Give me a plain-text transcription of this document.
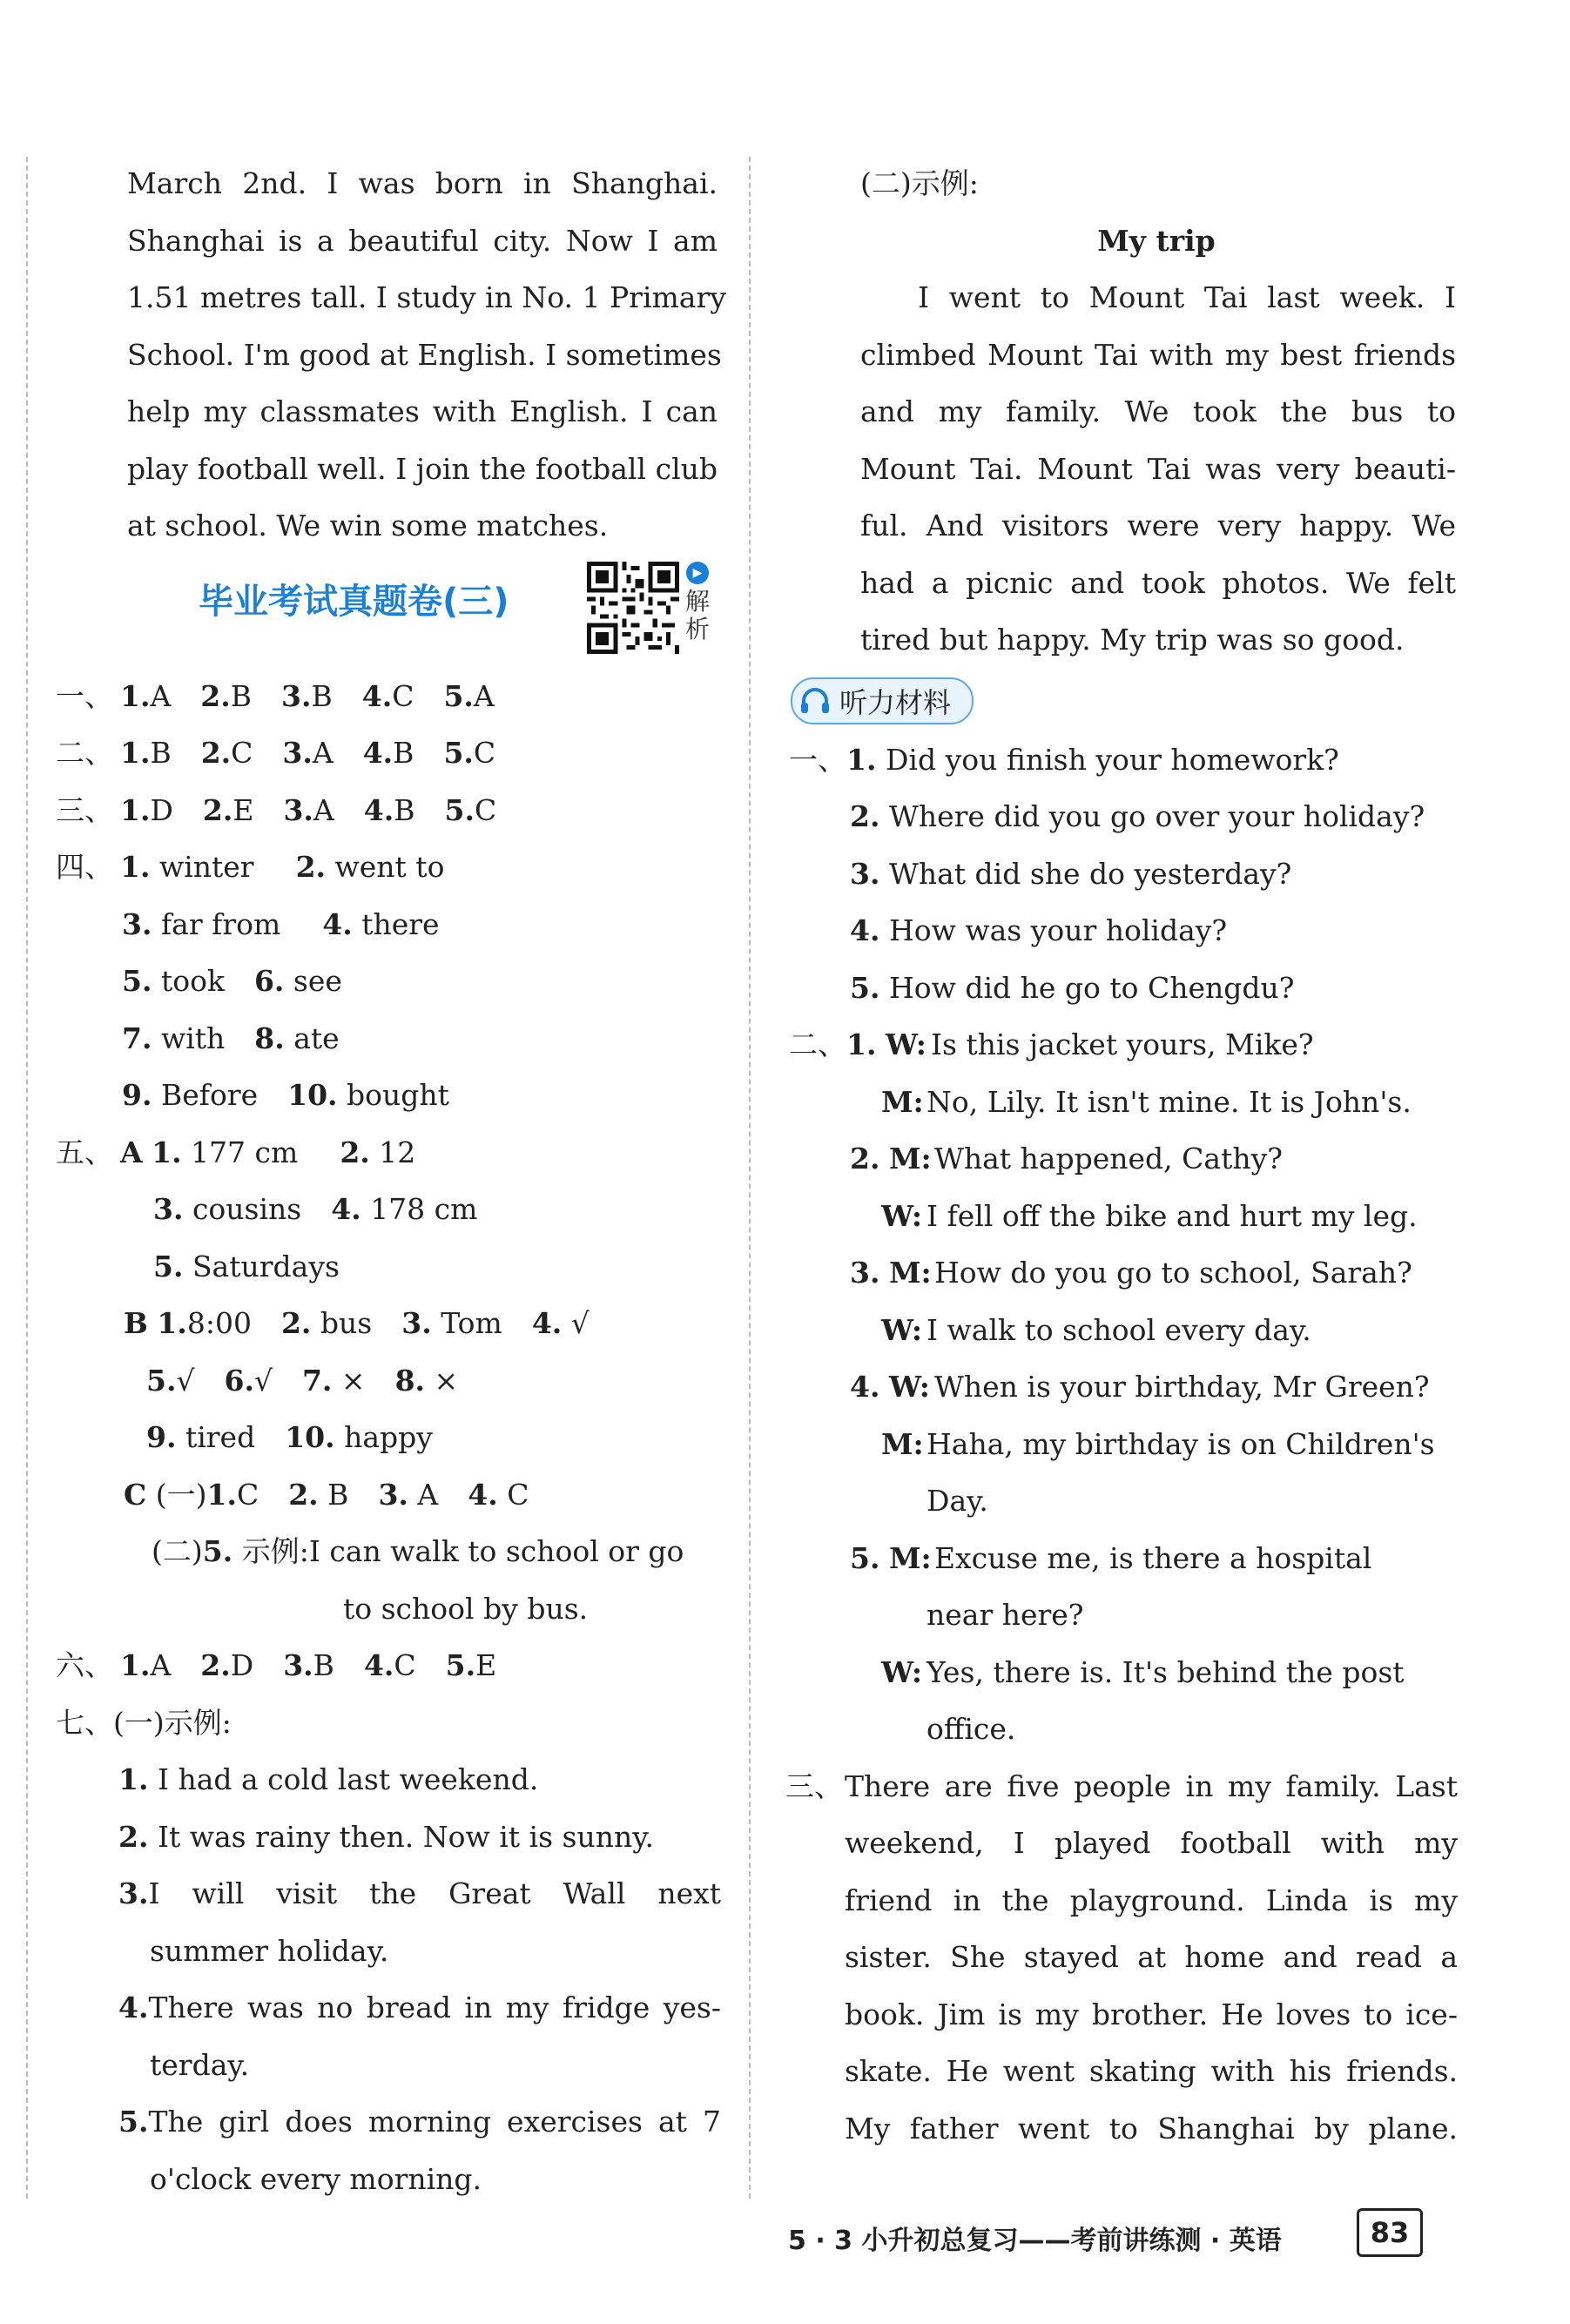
March 2nd. I was born in Shanghai.
Shanghai is a beautiful city. Now I am
1.51 metres tall. I study in No. 1 Primary
School. I'm good at English. I sometimes
help my classmates with English. I can
play football well. I join the football club
at school. We win some matches.
毕业考试真题卷(三)
▶
解析
一、 1.A 2.B 3.B 4.C 5.A
二、 1.B 2.C 3.A 4.B 5.C
三、 1.D 2.E 3.A 4.B 5.C
四、 1. winter 2. went to
3. far from 4. there
5. took 6. see
7. with 8. ate
9. Before 10. bought
五、 A 1. 177 cm 2. 12
3. cousins 4. 178 cm
5. Saturdays
B 1.8:00 2. bus 3. Tom 4. √
5.√ 6.√ 7. × 8. ×
9. tired 10. happy
C (一)1.C 2. B 3. A 4. C
(二)5. 示例:I can walk to school or go
to school by bus.
六、 1.A 2.D 3.B 4.C 5.E
七、(一)示例:
1. I had a cold last weekend.
2. It was rainy then. Now it is sunny.
3.I will visit the Great Wall next
summer holiday.
4.There was no bread in my fridge yes-
terday.
5.The girl does morning exercises at 7
o'clock every morning.
(二)示例:
My trip
I went to Mount Tai last week. I
climbed Mount Tai with my best friends
and my family. We took the bus to
Mount Tai. Mount Tai was very beauti-
ful. And visitors were very happy. We
had a picnic and took photos. We felt
tired but happy. My trip was so good.
听力材料
一、1. Did you finish your homework?
2. Where did you go over your holiday?
3. What did she do yesterday?
4. How was your holiday?
5. How did he go to Chengdu?
二、1. W: Is this jacket yours, Mike?
M:No, Lily. It isn't mine. It is John's.
2. M:What happened, Cathy?
W: I fell off the bike and hurt my leg.
3. M:How do you go to school, Sarah?
W: I walk to school every day.
4. W: When is your birthday, Mr Green?
M:Haha, my birthday is on Children's
Day.
5. M:Excuse me, is there a hospital
near here?
W: Yes, there is. It's behind the post
office.
三、 There are five people in my family. Last
weekend, I played football with my
friend in the playground. Linda is my
sister. She stayed at home and read a
book. Jim is my brother. He loves to ice-
skate. He went skating with his friends.
My father went to Shanghai by plane.
5 · 3 小升初总复习——考前讲练测 · 英语	83
